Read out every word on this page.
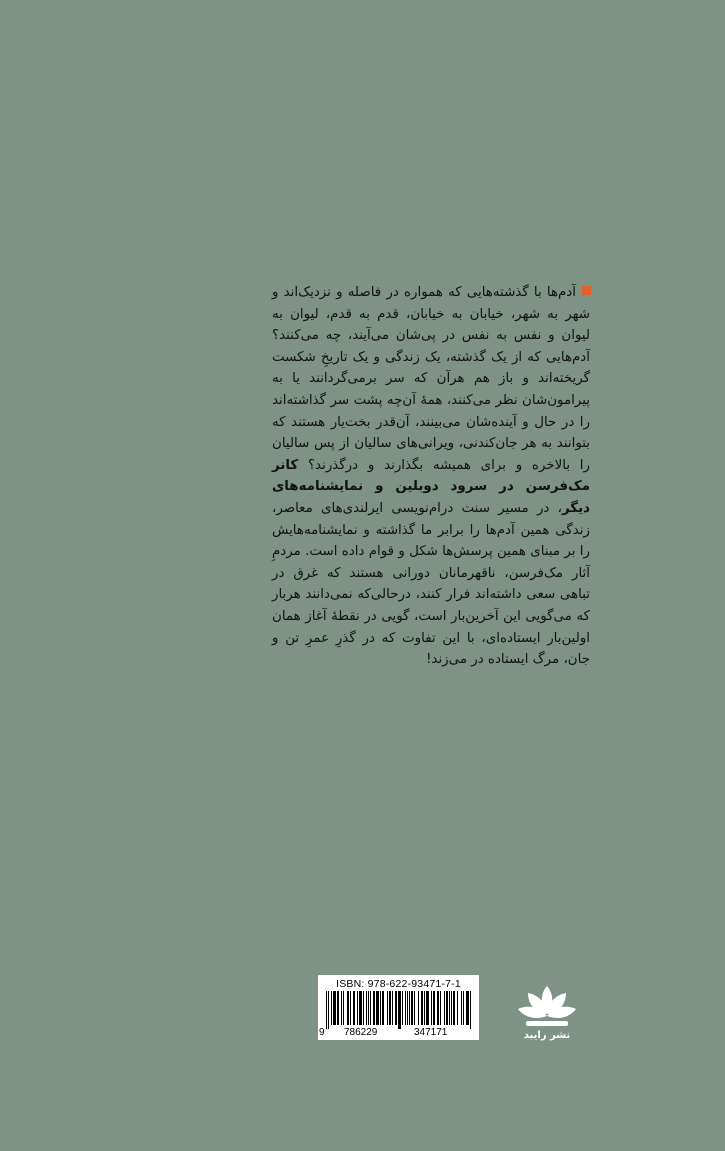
آدم‌ها با گذشته‌هایی که همواره در فاصله و نزدیک‌اند و شهر به شهر، خیابان به خیابان، قدم به قدم، لیوان به لیوان و نفس به نفس در پی‌شان می‌آیند، چه می‌کنند؟ آدم‌هایی که از یک گذشته، یک زندگی و یک تاریخِ شکست گریخته‌اند و باز هم هرآن که سر برمی‌گردانند یا به پیرامون‌شان نظر می‌کنند، همهٔ آن‌چه پشت سر گذاشته‌اند را در حال و آینده‌شان می‌بینند، آن‌قدر بخت‌یار هستند که بتوانند به هر جان‌کندنی، ویرانی‌های سالیان از پس سالیان را بالاخره و برای همیشه بگذارند و درگذرند؟ کانر مک‌فرسن در سرود دوبلین و نمایشنامه‌های دیگر، در مسیر سنت درام‌نویسی ایرلندی‌های معاصر، زندگی همین آدم‌ها را برابر ما گذاشته و نمایشنامه‌هایش را بر مبنای همین پرسش‌ها شکل و قوام داده است. مردمِ آثار مک‌فرسن، ناقهرمانان دورانی هستند که غرق در تباهی سعی داشته‌اند فرار کنند، درحالی‌که نمی‌دانند هربار که می‌گویی این آخرین‌بار است، گویی در نقطهٔ آغاز همان اولین‌بار ایستاده‌ای، با این تفاوت که در گذرِ عمرِ تن و جان، مرگ ایستاده در می‌زند!
ISBN: 978-622-93471-7-1
9 786229	347171	نشر رایبد
